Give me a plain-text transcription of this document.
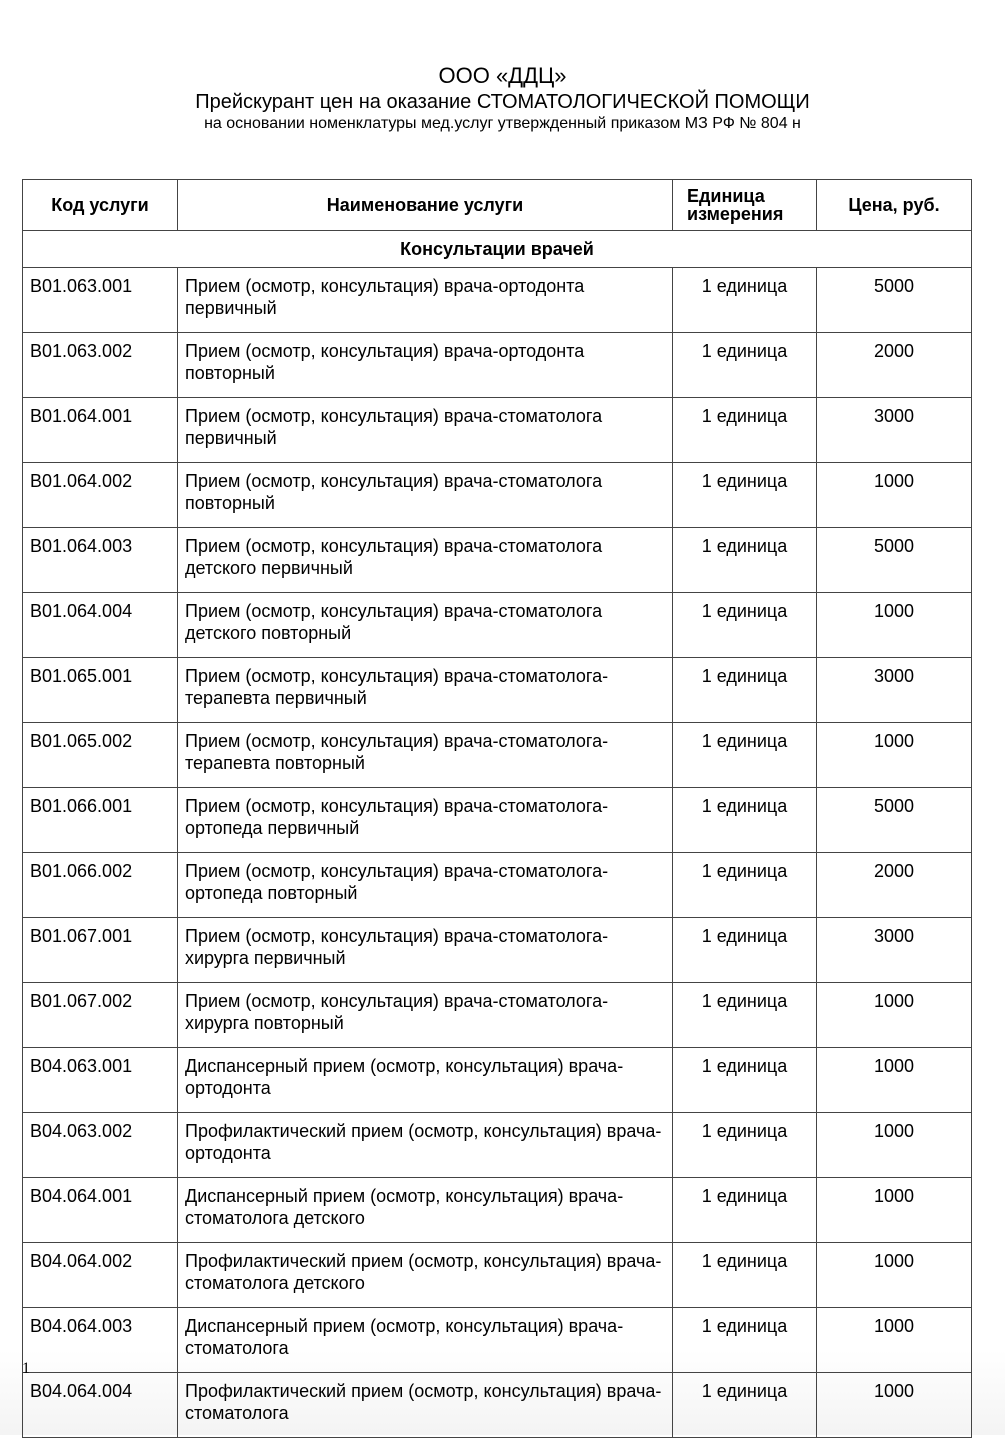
ООО «ДДЦ»

Прейскурант цен на оказание СТОМАТОЛОГИЧЕСКОЙ ПОМОЩИ

на основании номенклатуры мед.услуг утвержденный приказом МЗ РФ № 804 н

Код услуги	Наименование услуги	Единица измерения	Цена, руб.
Консультации врачей			
B01.063.001	Прием (осмотр, консультация) врача-ортодонта первичный	1 единица	5000
B01.063.002	Прием (осмотр, консультация) врача-ортодонта повторный	1 единица	2000
B01.064.001	Прием (осмотр, консультация) врача-стоматолога первичный	1 единица	3000
B01.064.002	Прием (осмотр, консультация) врача-стоматолога повторный	1 единица	1000
B01.064.003	Прием (осмотр, консультация) врача-стоматолога детского первичный	1 единица	5000
B01.064.004	Прием (осмотр, консультация) врача-стоматолога детского повторный	1 единица	1000
B01.065.001	Прием (осмотр, консультация) врача-стоматолога-терапевта первичный	1 единица	3000
B01.065.002	Прием (осмотр, консультация) врача-стоматолога-терапевта повторный	1 единица	1000
B01.066.001	Прием (осмотр, консультация) врача-стоматолога-ортопеда первичный	1 единица	5000
B01.066.002	Прием (осмотр, консультация) врача-стоматолога-ортопеда повторный	1 единица	2000
B01.067.001	Прием (осмотр, консультация) врача-стоматолога-хирурга первичный	1 единица	3000
B01.067.002	Прием (осмотр, консультация) врача-стоматолога-хирурга повторный	1 единица	1000
B04.063.001	Диспансерный прием (осмотр, консультация) врача-ортодонта	1 единица	1000
B04.063.002	Профилактический прием (осмотр, консультация) врача-ортодонта	1 единица	1000
B04.064.001	Диспансерный прием (осмотр, консультация) врача-стоматолога детского	1 единица	1000
B04.064.002	Профилактический прием (осмотр, консультация) врача-стоматолога детского	1 единица	1000
B04.064.003	Диспансерный прием (осмотр, консультация) врача-стоматолога	1 единица	1000
B04.064.004	Профилактический прием (осмотр, консультация) врача-стоматолога	1 единица	1000
1
